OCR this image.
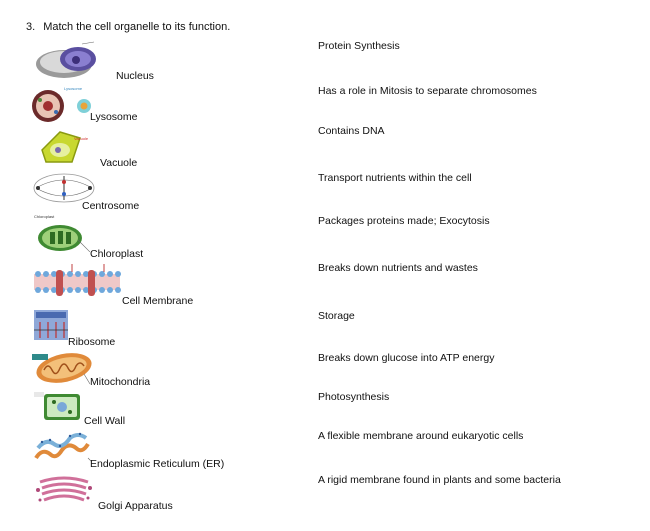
3. Match the cell organelle to its function.
Nucleus
Lysosome
Lysosome
Vacuole
Vacuole
Centrosome
Chloroplast
Chloroplast
Cell Membrane
Ribosome
Mitochondria
Cell Wall
Endoplasmic Reticulum (ER)
Golgi Apparatus
Protein Synthesis
Has a role in Mitosis to separate chromosomes
Contains DNA
Transport nutrients within the cell
Packages proteins made; Exocytosis
Breaks down nutrients and wastes
Storage
Breaks down glucose into ATP energy
Photosynthesis
A flexible membrane around eukaryotic cells
A rigid membrane found in plants and some bacteria
